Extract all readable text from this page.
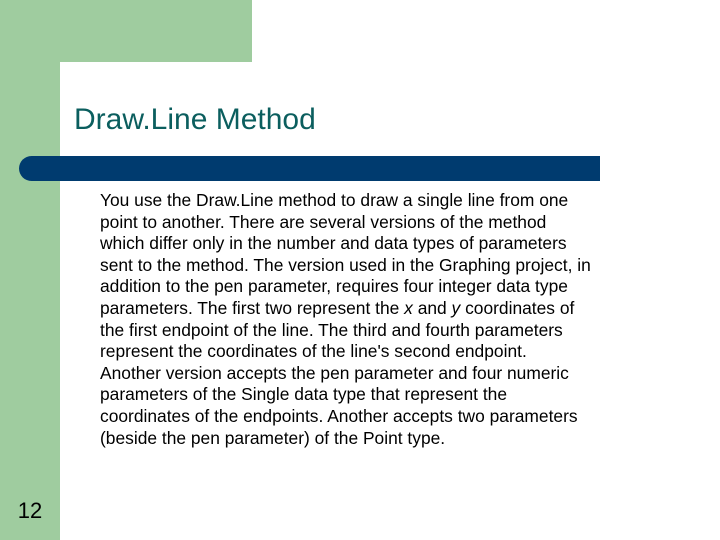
Draw.Line Method
You use the Draw.Line method to draw a single line from one
point to another. There are several versions of the method
which differ only in the number and data types of parameters
sent to the method. The version used in the Graphing project, in
addition to the pen parameter, requires four integer data type
parameters. The first two represent the x and y coordinates of
the first endpoint of the line. The third and fourth parameters
represent the coordinates of the line's second endpoint.
Another version accepts the pen parameter and four numeric
parameters of the Single data type that represent the
coordinates of the endpoints. Another accepts two parameters
(beside the pen parameter) of the Point type.
12
